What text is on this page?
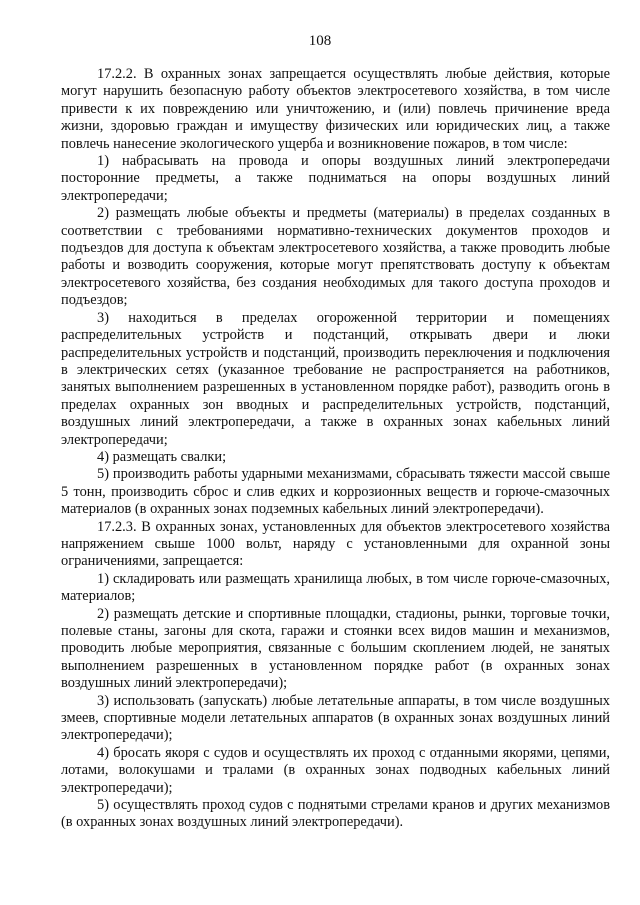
108

17.2.2. В охранных зонах запрещается осуществлять любые действия, которые могут нарушить безопасную работу объектов электросетевого хозяйства, в том числе привести к их повреждению или уничтожению, и (или) повлечь причинение вреда жизни, здоровью граждан и имуществу физических или юридических лиц, а также повлечь нанесение экологического ущерба и возникновение пожаров, в том числе:

1) набрасывать на провода и опоры воздушных линий электропередачи посторонние предметы, а также подниматься на опоры воздушных линий электропередачи;

2) размещать любые объекты и предметы (материалы) в пределах созданных в соответствии с требованиями нормативно-технических документов проходов и подъездов для доступа к объектам электросетевого хозяйства, а также проводить любые работы и возводить сооружения, которые могут препятствовать доступу к объектам электросетевого хозяйства, без создания необходимых для такого доступа проходов и подъездов;

3) находиться в пределах огороженной территории и помещениях распределительных устройств и подстанций, открывать двери и люки распределительных устройств и подстанций, производить переключения и подключения в электрических сетях (указанное требование не распространяется на работников, занятых выполнением разрешенных в установленном порядке работ), разводить огонь в пределах охранных зон вводных и распределительных устройств, подстанций, воздушных линий электропередачи, а также в охранных зонах кабельных линий электропередачи;

4) размещать свалки;

5) производить работы ударными механизмами, сбрасывать тяжести массой свыше 5 тонн, производить сброс и слив едких и коррозионных веществ и горюче-смазочных материалов (в охранных зонах подземных кабельных линий электропередачи).

17.2.3. В охранных зонах, установленных для объектов электросетевого хозяйства напряжением свыше 1000 вольт, наряду с установленными для охранной зоны ограничениями, запрещается:

1) складировать или размещать хранилища любых, в том числе горюче-смазочных, материалов;

2) размещать детские и спортивные площадки, стадионы, рынки, торговые точки, полевые станы, загоны для скота, гаражи и стоянки всех видов машин и механизмов, проводить любые мероприятия, связанные с большим скоплением людей, не занятых выполнением разрешенных в установленном порядке работ (в охранных зонах воздушных линий электропередачи);

3) использовать (запускать) любые летательные аппараты, в том числе воздушных змеев, спортивные модели летательных аппаратов (в охранных зонах воздушных линий электропередачи);

4) бросать якоря с судов и осуществлять их проход с отданными якорями, цепями, лотами, волокушами и тралами (в охранных зонах подводных кабельных линий электропередачи);

5) осуществлять проход судов с поднятыми стрелами кранов и других механизмов (в охранных зонах воздушных линий электропередачи).
